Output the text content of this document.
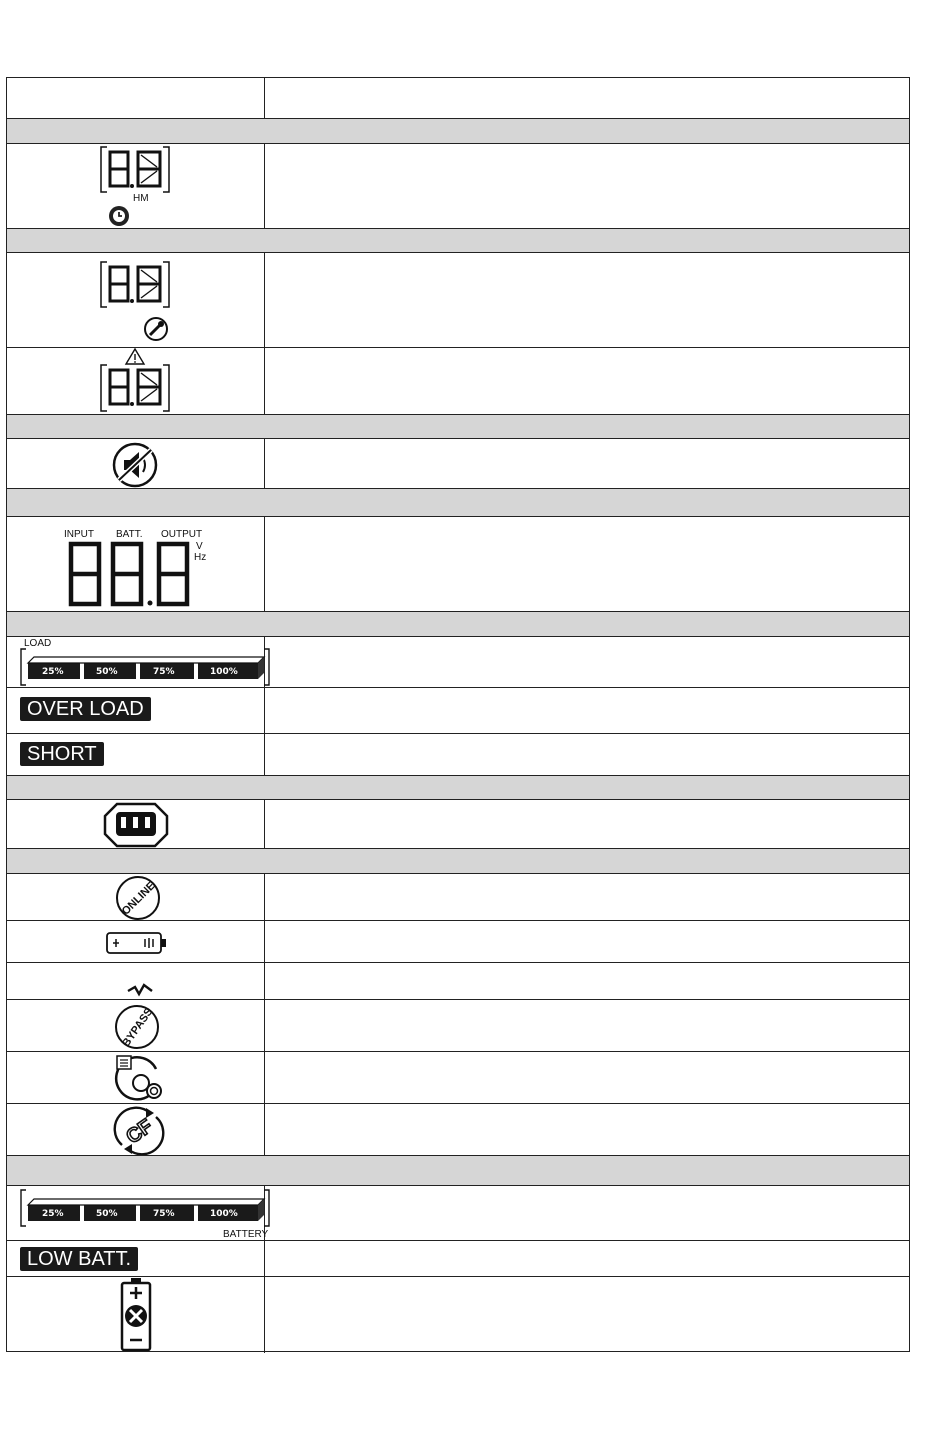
HM
INPUT BATT. OUTPUT
V
Hz
LOAD
25%	50%	75%	100%
OVER LOAD
SHORT
ONLINE
BYPASS
CF
25%	50%	75%	100%
BATTERY
LOW BATT.
